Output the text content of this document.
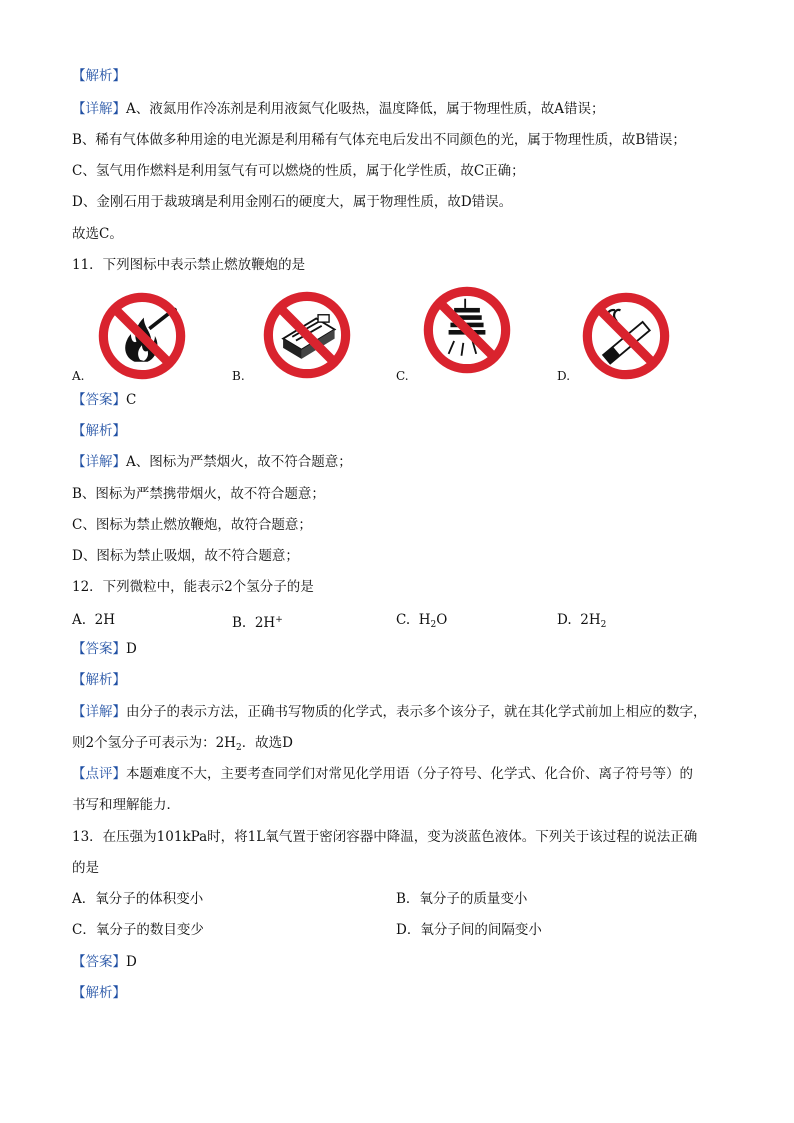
【解析】
【详解】A、液氮用作冷冻剂是利用液氮气化吸热，温度降低，属于物理性质，故A错误；
B、稀有气体做多种用途的电光源是利用稀有气体充电后发出不同颜色的光，属于物理性质，故B错误；
C、氢气用作燃料是利用氢气有可以燃烧的性质，属于化学性质，故C正确；
D、金刚石用于裁玻璃是利用金刚石的硬度大，属于物理性质，故D错误。
故选C。
11．下列图标中表示禁止燃放鞭炮的是
A.	B.	C.	D.
【答案】C
【解析】
【详解】A、图标为严禁烟火，故不符合题意；
B、图标为严禁携带烟火，故不符合题意；
C、图标为禁止燃放鞭炮，故符合题意；
D、图标为禁止吸烟，故不符合题意；
12．下列微粒中，能表示2个氢分子的是
A. 2H	B. 2H+	C. $H_2O$	D. $2H_2$
【答案】D
【解析】
【详解】由分子的表示方法，正确书写物质的化学式，表示多个该分子，就在其化学式前加上相应的数字，
则2个氢分子可表示为：$2H_2$．故选D
【点评】本题难度不大，主要考查同学们对常见化学用语（分子符号、化学式、化合价、离子符号等）的
书写和理解能力．
13．在压强为101kPa时，将1L氧气置于密闭容器中降温，变为淡蓝色液体。下列关于该过程的说法正确
的是
A．氧分子的体积变小	B．氧分子的质量变小
C．氧分子的数目变少	D．氧分子间的间隔变小
【答案】D
【解析】
